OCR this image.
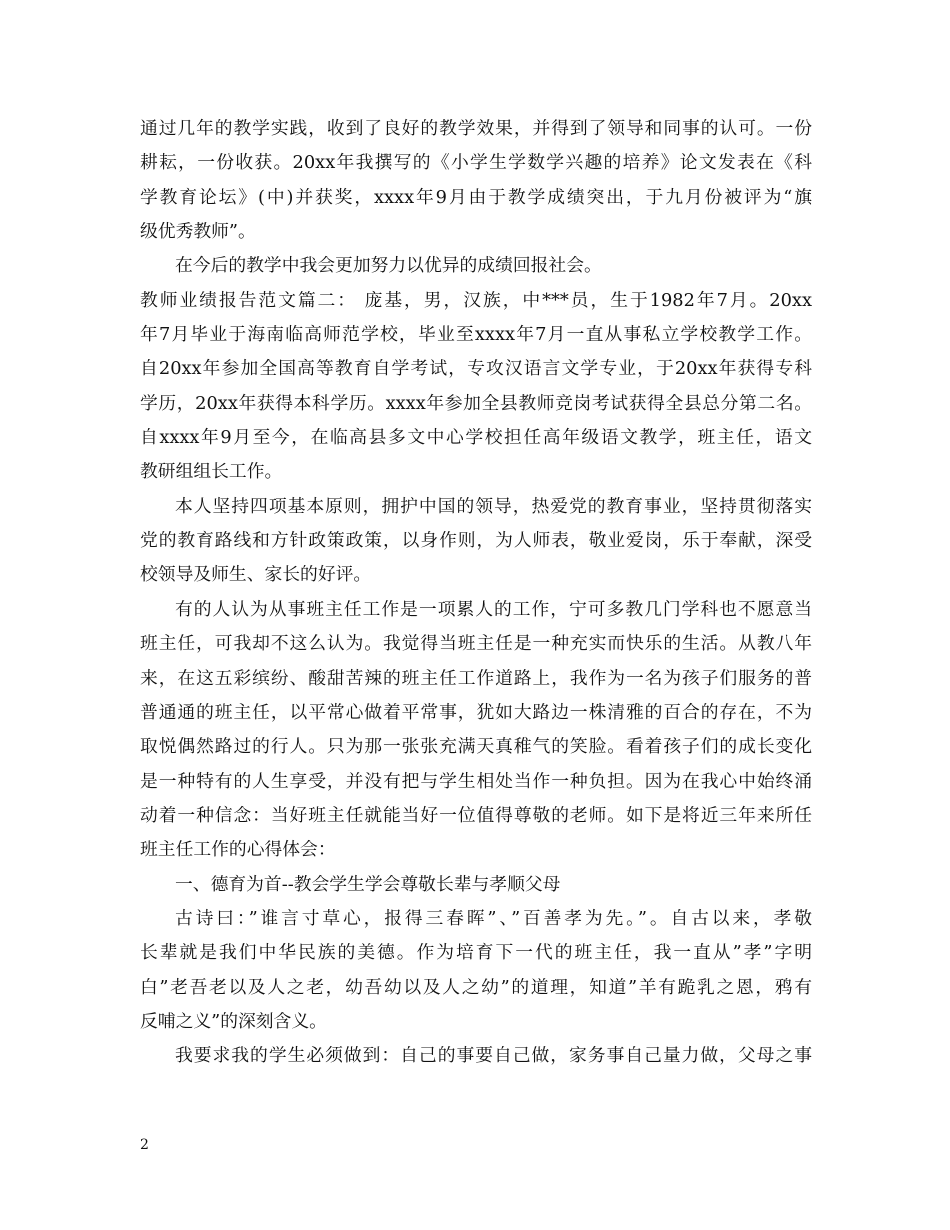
通过几年的教学实践，收到了良好的教学效果，并得到了领导和同事的认可。一份
耕耘，一份收获。20xx年我撰写的《小学生学数学兴趣的培养》论文发表在《科
学教育论坛》(中)并获奖，xxxx年9月由于教学成绩突出，于九月份被评为“旗
级优秀教师”。
在今后的教学中我会更加努力以优异的成绩回报社会。
教师业绩报告范文篇二： 庞基，男，汉族，中***员，生于1982年7月。20xx
年7月毕业于海南临高师范学校，毕业至xxxx年7月一直从事私立学校教学工作。
自20xx年参加全国高等教育自学考试，专攻汉语言文学专业，于20xx年获得专科
学历，20xx年获得本科学历。xxxx年参加全县教师竞岗考试获得全县总分第二名。
自xxxx年9月至今，在临高县多文中心学校担任高年级语文教学，班主任，语文
教研组组长工作。
本人坚持四项基本原则，拥护中国的领导，热爱党的教育事业，坚持贯彻落实
党的教育路线和方针政策政策，以身作则，为人师表，敬业爱岗，乐于奉献，深受
校领导及师生、家长的好评。
有的人认为从事班主任工作是一项累人的工作，宁可多教几门学科也不愿意当
班主任，可我却不这么认为。我觉得当班主任是一种充实而快乐的生活。从教八年
来，在这五彩缤纷、酸甜苦辣的班主任工作道路上，我作为一名为孩子们服务的普
普通通的班主任，以平常心做着平常事，犹如大路边一株清雅的百合的存在，不为
取悦偶然路过的行人。只为那一张张充满天真稚气的笑脸。看着孩子们的成长变化
是一种特有的人生享受，并没有把与学生相处当作一种负担。因为在我心中始终涌
动着一种信念：当好班主任就能当好一位值得尊敬的老师。如下是将近三年来所任
班主任工作的心得体会：
一、德育为首--教会学生学会尊敬长辈与孝顺父母
古诗曰：”谁言寸草心，报得三春晖”、”百善孝为先。”。自古以来，孝敬
长辈就是我们中华民族的美德。作为培育下一代的班主任，我一直从”孝”字明
白”老吾老以及人之老，幼吾幼以及人之幼”的道理，知道”羊有跪乳之恩，鸦有
反哺之义”的深刻含义。
我要求我的学生必须做到：自己的事要自己做，家务事自己量力做，父母之事
2
